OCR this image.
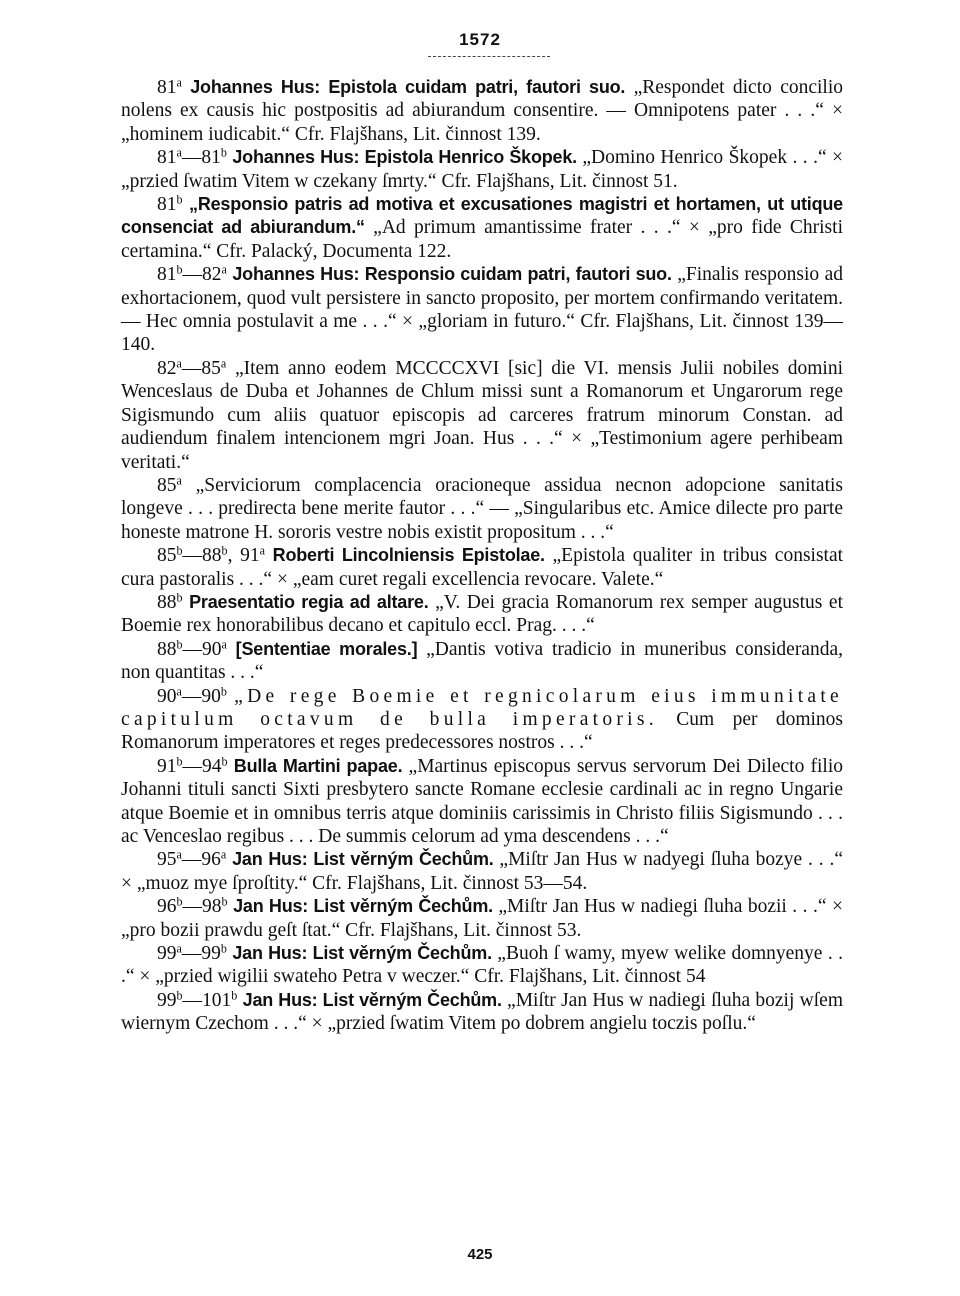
1572

81$^a$ Johannes Hus: Epistola cuidam patri, fautori suo. „Respondet dicto concilio nolens ex causis hic postpositis ad abiurandum consentire. — Omnipotens pater . . .“ × „hominem iudicabit.“ Cfr. Flajšhans, Lit. činnost 139.

81$^a$—81$^b$ Johannes Hus: Epistola Henrico Škopek. „Domino Henrico Škopek . . .“ × „przied ſwatim Vitem w czekany ſmrty.“ Cfr. Flajšhans, Lit. činnost 51.

81$^b$ „Responsio patris ad motiva et excusationes magistri et hortamen, ut utique consenciat ad abiurandum.“ „Ad primum amantissime frater . . .“ × „pro fide Christi certamina.“ Cfr. Palacký, Documenta 122.

81$^b$—82$^a$ Johannes Hus: Responsio cuidam patri, fautori suo. „Finalis responsio ad exhortacionem, quod vult persistere in sancto proposito, per mortem confirmando veritatem. — Hec omnia postulavit a me . . .“ × „gloriam in futuro.“ Cfr. Flajšhans, Lit. činnost 139—140.

82$^a$—85$^a$ „Item anno eodem MCCCCXVI [sic] die VI. mensis Julii nobiles domini Wenceslaus de Duba et Johannes de Chlum missi sunt a Romanorum et Ungarorum rege Sigismundo cum aliis quatuor episcopis ad carceres fratrum minorum Constan. ad audiendum finalem intencionem mgri Joan. Hus . . .“ × „Testimonium agere perhibeam veritati.“

85$^a$ „Serviciorum complacencia oracioneque assidua necnon adopcione sanitatis longeve . . . predirecta bene merite fautor . . .“ — „Singularibus etc. Amice dilecte pro parte honeste matrone H. sororis vestre nobis existit propositum . . .“

85$^b$—88$^b$, 91$^a$ Roberti Lincolniensis Epistolae. „Epistola qualiter in tribus consistat cura pastoralis . . .“ × „eam curet regali excellencia revocare. Valete.“

88$^b$ Praesentatio regia ad altare. „V. Dei gracia Romanorum rex semper augustus et Boemie rex honorabilibus decano et capitulo eccl. Prag. . . .“

88$^b$—90$^a$ [Sententiae morales.] „Dantis votiva tradicio in muneribus consideranda, non quantitas . . .“

90$^a$—90$^b$ „De rege Boemie et regnicolarum eius immunitate capitulum octavum de bulla imperatoris. Cum per dominos Romanorum imperatores et reges predecessores nostros . . .“

91$^b$—94$^b$ Bulla Martini papae. „Martinus episcopus servus servorum Dei Dilecto filio Johanni tituli sancti Sixti presbytero sancte Romane ecclesie cardinali ac in regno Ungarie atque Boemie et in omnibus terris atque dominiis carissimis in Christo filiis Sigismundo . . . ac Venceslao regibus . . . De summis celorum ad yma descendens . . .“

95$^a$—96$^a$ Jan Hus: List věrným Čechům. „Miſtr Jan Hus w nadyegi ſluha bozye . . .“ × „muoz mye ſproſtity.“ Cfr. Flajšhans, Lit. činnost 53—54.

96$^b$—98$^b$ Jan Hus: List věrným Čechům. „Miſtr Jan Hus w nadiegi ſluha bozii . . .“ × „pro bozii prawdu geſt ſtat.“ Cfr. Flajšhans, Lit. činnost 53.

99$^a$—99$^b$ Jan Hus: List věrným Čechům. „Buoh ſ wamy, myew welike domnyenye . . .“ × „przied wigilii swateho Petra v weczer.“ Cfr. Flajšhans, Lit. činnost 54

99$^b$—101$^b$ Jan Hus: List věrným Čechům. „Miſtr Jan Hus w nadiegi ſluha bozij wſem wiernym Czechom . . .“ × „przied ſwatim Vitem po dobrem angielu toczis poſlu.“

425
